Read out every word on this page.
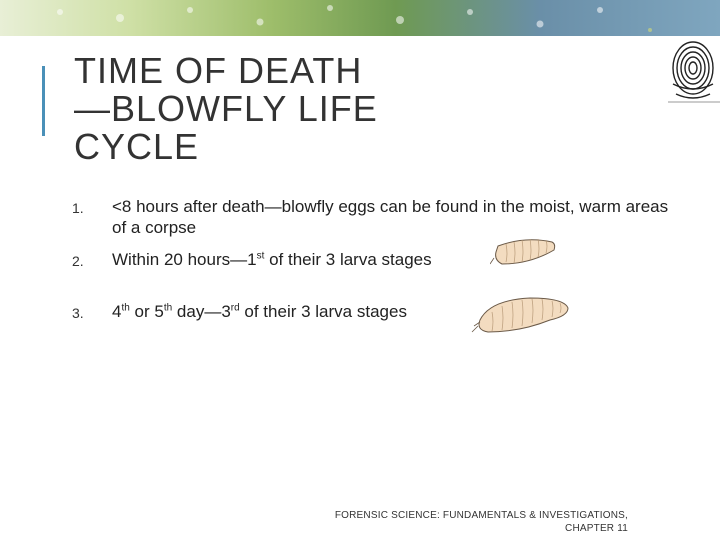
TIME OF DEATH
—BLOWFLY LIFE
CYCLE
1.	<8 hours after death—blowfly eggs can be found in the moist, warm areas of a corpse
2.	Within 20 hours—1st of their 3 larva stages
3.	4th or 5th day—3rd of their 3 larva stages
FORENSIC SCIENCE: FUNDAMENTALS & INVESTIGATIONS,
CHAPTER 11
